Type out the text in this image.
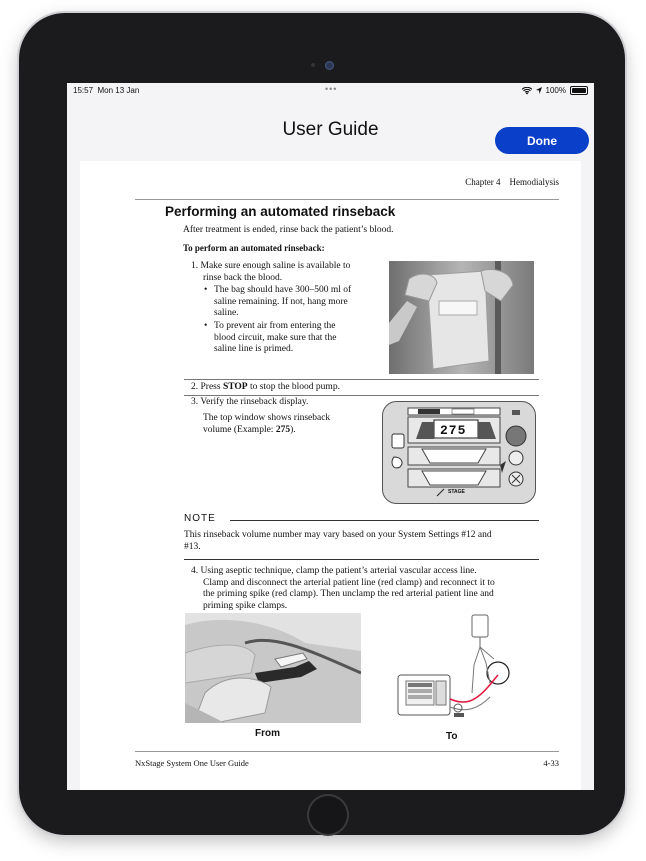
15:57 Mon 13 Jan	•••	100%
User Guide
Done
Chapter 4 Hemodialysis
Performing an automated rinseback
After treatment is ended, rinse back the patient’s blood.
To perform an automated rinseback:
1. Make sure enough saline is available to
rinse back the blood.
• The bag should have 300–500 ml of
saline remaining. If not, hang more
saline.
• To prevent air from entering the
blood circuit, make sure that the
saline line is primed.
2. Press STOP to stop the blood pump.
3. Verify the rinseback display.
The top window shows rinseback
volume (Example: 275).	275
STAGE
NOTE
This rinseback volume number may vary based on your System Settings #12 and
#13.
4. Using aseptic technique, clamp the patient’s arterial vascular access line.
Clamp and disconnect the arterial patient line (red clamp) and reconnect it to
the priming spike (red clamp). Then unclamp the red arterial patient line and
priming spike clamps.
From	To
NxStage System One User Guide	4-33
